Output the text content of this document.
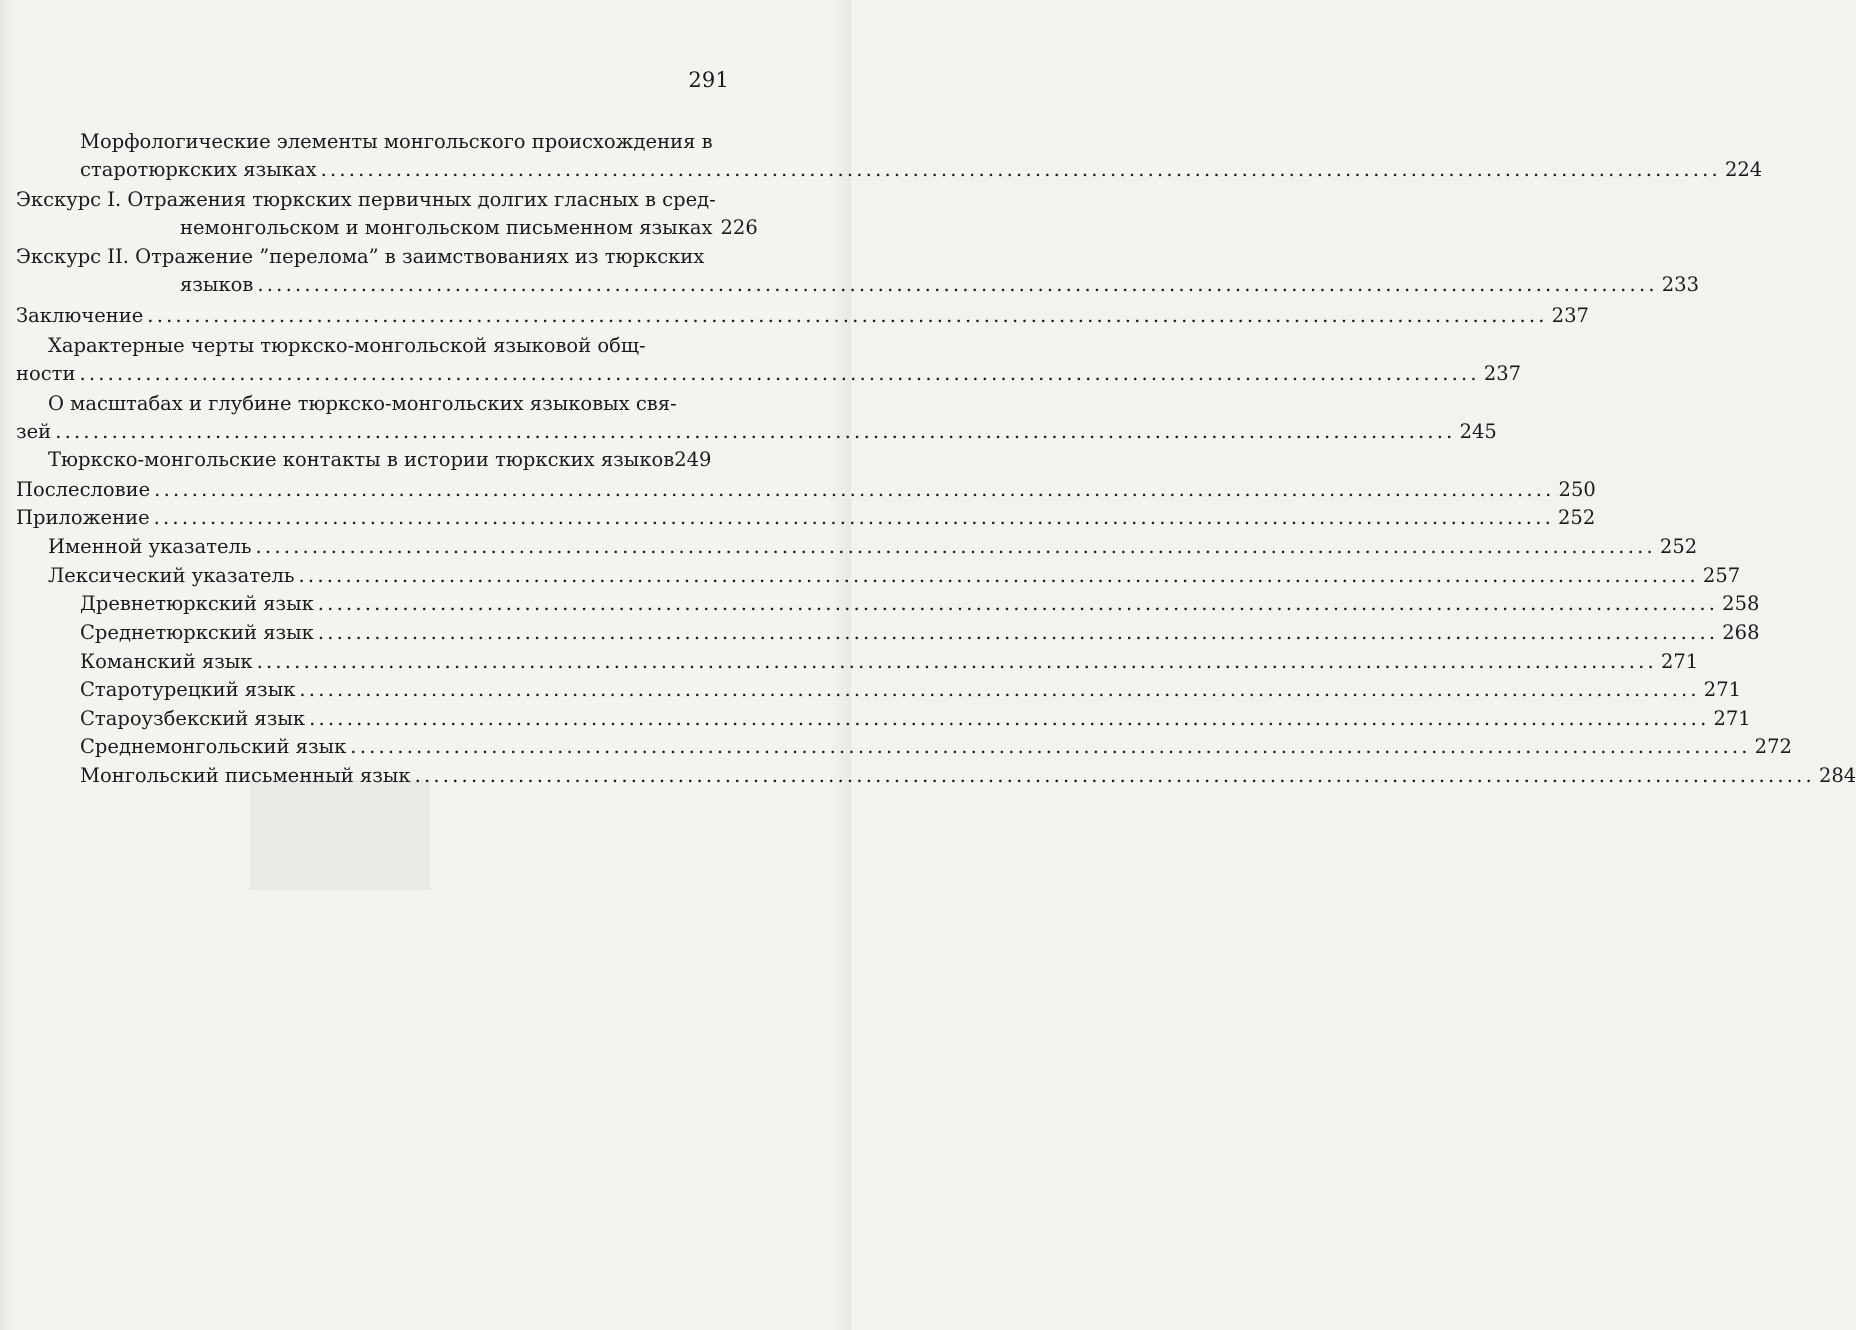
291
Морфологические элементы монгольского происхождения в
старотюркских языках ..................................................................................................................................................... 224
Экскурс I. Отражения тюркских первичных долгих гласных в сред-
немонгольском и монгольском письменном языках 226
Экскурс II. Отражение ”перелома” в заимствованиях из тюркских
языков ..................................................................................................................................................... 233
Заключение ..................................................................................................................................................... 237
Характерные черты тюркско-монгольской языковой общ-
ности ..................................................................................................................................................... 237
О масштабах и глубине тюркско-монгольских языковых свя-
зей ..................................................................................................................................................... 245
Тюркско-монгольские контакты в истории тюркских языков 249
Послесловие ..................................................................................................................................................... 250
Приложение ..................................................................................................................................................... 252
Именной указатель ..................................................................................................................................................... 252
Лексический указатель ..................................................................................................................................................... 257
Древнетюркский язык ..................................................................................................................................................... 258
Среднетюркский язык ..................................................................................................................................................... 268
Команский язык ..................................................................................................................................................... 271
Старотурецкий язык ..................................................................................................................................................... 271
Староузбекский язык ..................................................................................................................................................... 271
Среднемонгольский язык ..................................................................................................................................................... 272
Монгольский письменный язык ..................................................................................................................................................... 284
